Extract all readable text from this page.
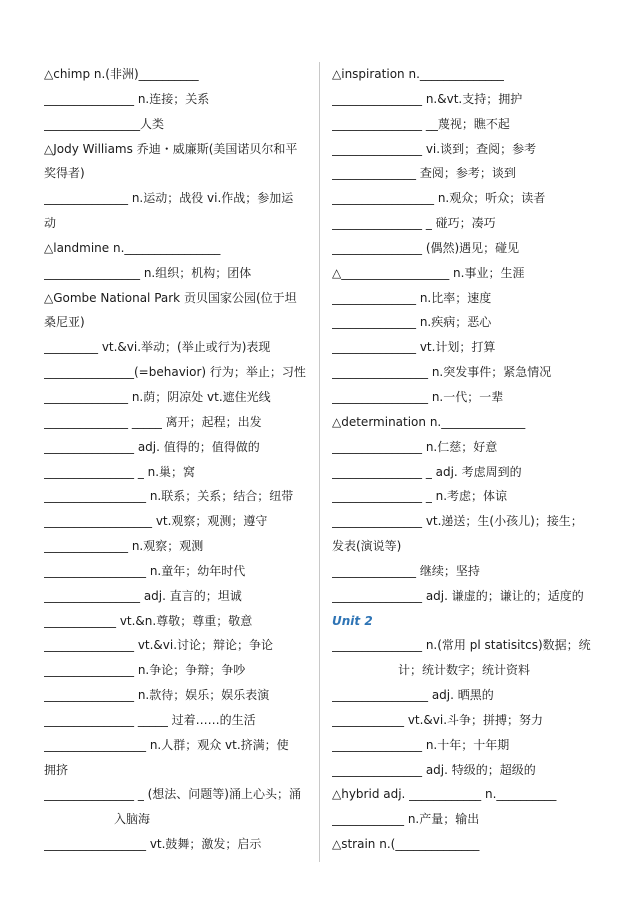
△chimp n.(非洲)__________
_______________ n.连接；关系
________________人类
△Jody Williams 乔迪・威廉斯(美国诺贝尔和平
奖得者)
______________ n.运动；战役 vi.作战；参加运
动
△landmine n.________________
________________ n.组织；机构；团体
△Gombe National Park 贡贝国家公园(位于坦
桑尼亚)
_________ vt.&vi.举动；(举止或行为)表现
_______________(=behavior) 行为；举止；习性
______________ n.荫；阴凉处 vt.遮住光线
______________ _____ 离开；起程；出发
_______________ adj. 值得的；值得做的
_______________ _ n.巢；窝
_________________ n.联系；关系；结合；纽带
__________________ vt.观察；观测；遵守
______________ n.观察；观测
_________________ n.童年；幼年时代
________________ adj. 直言的；坦诚
____________ vt.&n.尊敬；尊重；敬意
_______________ vt.&vi.讨论；辩论；争论
_______________ n.争论；争辩；争吵
_______________ n.款待；娱乐；娱乐表演
_______________ _____ 过着……的生活
_________________ n.人群；观众 vt.挤满；使
拥挤
_______________ _ (想法、问题等)涌上心头；涌
入脑海
_________________ vt.鼓舞；激发；启示
△inspiration n.______________
_______________ n.&vt.支持；拥护
_______________ __蔑视；瞧不起
_______________ vi.谈到；查阅；参考
______________ 查阅；参考；谈到
_________________ n.观众；听众；读者
_______________ _ 碰巧；凑巧
_______________ (偶然)遇见；碰见
△__________________ n.事业；生涯
______________ n.比率；速度
______________ n.疾病；恶心
______________ vt.计划；打算
________________ n.突发事件；紧急情况
________________ n.一代；一辈
△determination n.______________
_______________ n.仁慈；好意
_______________ _ adj. 考虑周到的
_______________ _ n.考虑；体谅
_______________ vt.递送；生(小孩儿)；接生；
发表(演说等)
______________ 继续；坚持
_______________ adj. 谦虚的；谦让的；适度的
Unit 2
_______________ n.(常用 pl statisitcs)数据；统
计；统计数字；统计资料
________________ adj. 晒黑的
____________ vt.&vi.斗争；拼搏；努力
_______________ n.十年；十年期
_______________ adj. 特级的；超级的
△hybrid adj. ____________ n.__________
____________ n.产量；输出
△strain n.(______________
